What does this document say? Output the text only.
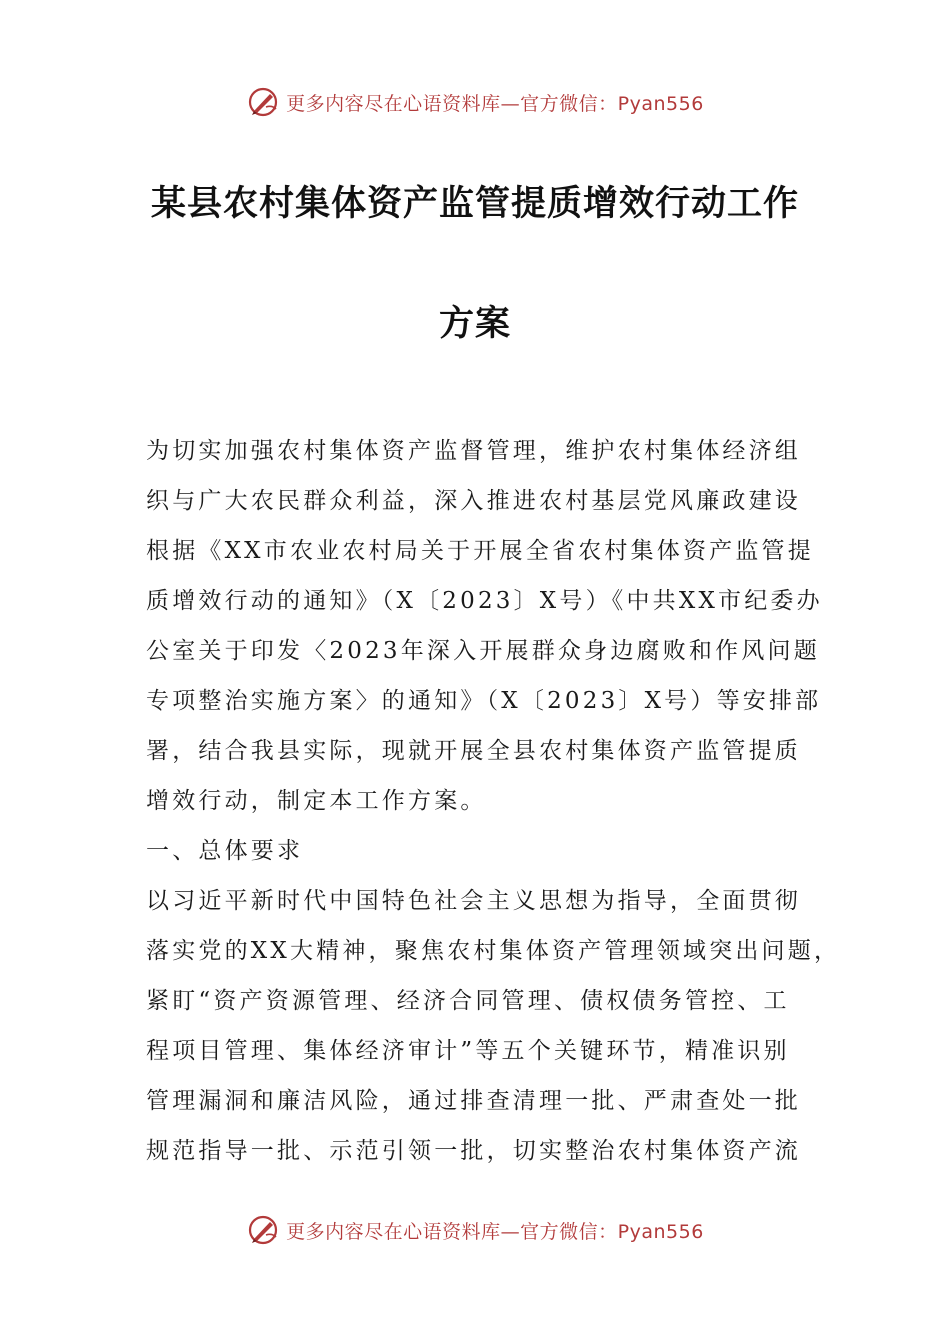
更多内容尽在心语资料库—官方微信：Pyan556
某县农村集体资产监管提质增效行动工作
方案

为切实加强农村集体资产监督管理，维护农村集体经济组

织与广大农民群众利益，深入推进农村基层党风廉政建设

根据《XX市农业农村局关于开展全省农村集体资产监管提

质增效行动的通知》（X〔2023〕X号）《中共XX市纪委办

公室关于印发〈2023年深入开展群众身边腐败和作风问题

专项整治实施方案〉的通知》（X〔2023〕X号）等安排部

署，结合我县实际，现就开展全县农村集体资产监管提质

增效行动，制定本工作方案。

一、总体要求

以习近平新时代中国特色社会主义思想为指导，全面贯彻

落实党的XX大精神，聚焦农村集体资产管理领域突出问题，

紧盯“资产资源管理、经济合同管理、债权债务管控、工

程项目管理、集体经济审计”等五个关键环节，精准识别

管理漏洞和廉洁风险，通过排查清理一批、严肃查处一批

规范指导一批、示范引领一批，切实整治农村集体资产流

更多内容尽在心语资料库—官方微信：Pyan556
